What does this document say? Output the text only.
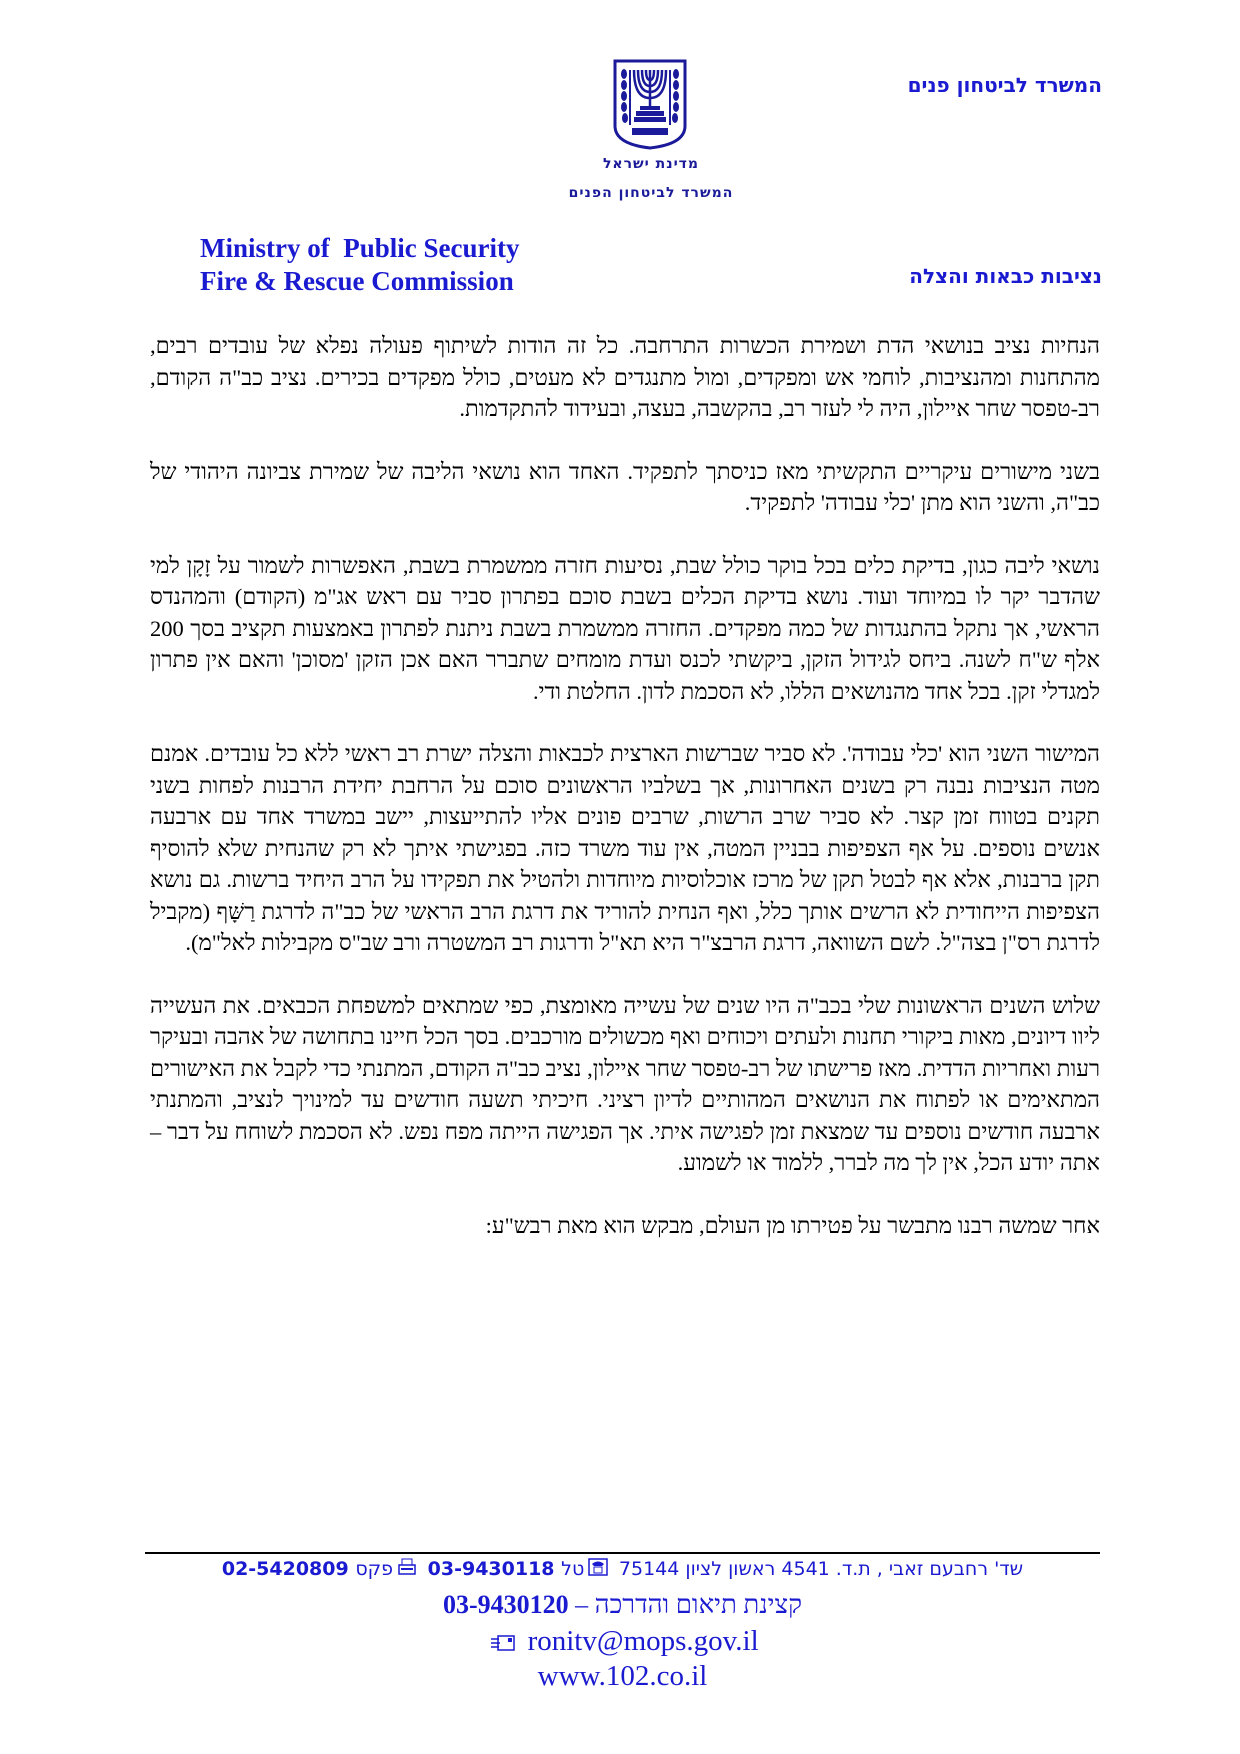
המשרד לביטחון פנים
מדינת ישראל
המשרד לביטחון הפנים
Ministry of  Public Security
Fire & Rescue Commission	נציבות כבאות והצלה

הנחיות נציב בנושאי הדת ושמירת הכשרות התרחבה. כל זה הודות לשיתוף פעולה נפלא של עובדים רבים, מהתחנות ומהנציבות, לוחמי אש ומפקדים, ומול מתנגדים לא מעטים, כולל מפקדים בכירים. נציב כב"ה הקודם, רב-טפסר שחר איילון, היה לי לעזר רב, בהקשבה, בעצה, ובעידוד להתקדמות.

בשני מישורים עיקריים התקשיתי מאז כניסתך לתפקיד. האחד הוא נושאי הליבה של שמירת צביונה היהודי של כב"ה, והשני הוא מתן 'כלי עבודה' לתפקיד.

נושאי ליבה כגון, בדיקת כלים בכל בוקר כולל שבת, נסיעות חזרה ממשמרת בשבת, האפשרות לשמור על זָקָן למי שהדבר יקר לו במיוחד ועוד. נושא בדיקת הכלים בשבת סוכם בפתרון סביר עם ראש אג"מ (הקודם) והמהנדס הראשי, אך נתקל בהתנגדות של כמה מפקדים. החזרה ממשמרת בשבת ניתנת לפתרון באמצעות תקציב בסך 200 אלף ש"ח לשנה. ביחס לגידול הזקן, ביקשתי לכנס ועדת מומחים שתברר האם אכן הזקן 'מסוכן' והאם אין פתרון למגדלי זקן. בכל אחד מהנושאים הללו, לא הסכמת לדון. החלטת ודי.

המישור השני הוא 'כלי עבודה'. לא סביר שברשות הארצית לכבאות והצלה ישרת רב ראשי ללא כל עובדים. אמנם מטה הנציבות נבנה רק בשנים האחרונות, אך בשלביו הראשונים סוכם על הרחבת יחידת הרבנות לפחות בשני תקנים בטווח זמן קצר. לא סביר שרב הרשות, שרבים פונים אליו להתייעצות, יישב במשרד אחד עם ארבעה אנשים נוספים. על אף הצפיפות בבניין המטה, אין עוד משרד כזה. בפגישתי איתך לא רק שהנחית שלא להוסיף תקן ברבנות, אלא אף לבטל תקן של מרכז אוכלוסיות מיוחדות ולהטיל את תפקידו על הרב היחיד ברשות. גם נושא הצפיפות הייחודית לא הרשים אותך כלל, ואף הנחית להוריד את דרגת הרב הראשי של כב"ה לדרגת רַשָּׁף (מקביל לדרגת רס"ן בצה"ל. לשם השוואה, דרגת הרבצ"ר היא תא"ל ודרגות רב המשטרה ורב שב"ס מקבילות לאל"מ).

שלוש השנים הראשונות שלי בכב"ה היו שנים של עשייה מאומצת, כפי שמתאים למשפחת הכבאים. את העשייה ליוו דיונים, מאות ביקורי תחנות ולעתים ויכוחים ואף מכשולים מורכבים. בסך הכל חיינו בתחושה של אהבה ובעיקר רעות ואחריות הדדית. מאז פרישתו של רב-טפסר שחר איילון, נציב כב"ה הקודם, המתנתי כדי לקבל את האישורים המתאימים או לפתוח את הנושאים המהותיים לדיון רציני. חיכיתי תשעה חודשים עד למינויך לנציב, והמתנתי ארבעה חודשים נוספים עד שמצאת זמן לפגישה איתי. אך הפגישה הייתה מפח נפש. לא הסכמת לשוחח על דבר – אתה יודע הכל, אין לך מה לברר, ללמוד או לשמוע.

אחר שמשה רבנו מתבשר על פטירתו מן העולם, מבקש הוא מאת רבש"ע:

שד' רחבעם זאבי , ת.ד. 4541 ראשון לציון 75144 טל 03-9430118 פקס 02-5420809
קצינת תיאום והדרכה – 03-9430120
ronitv@mops.gov.il
www.102.co.il
